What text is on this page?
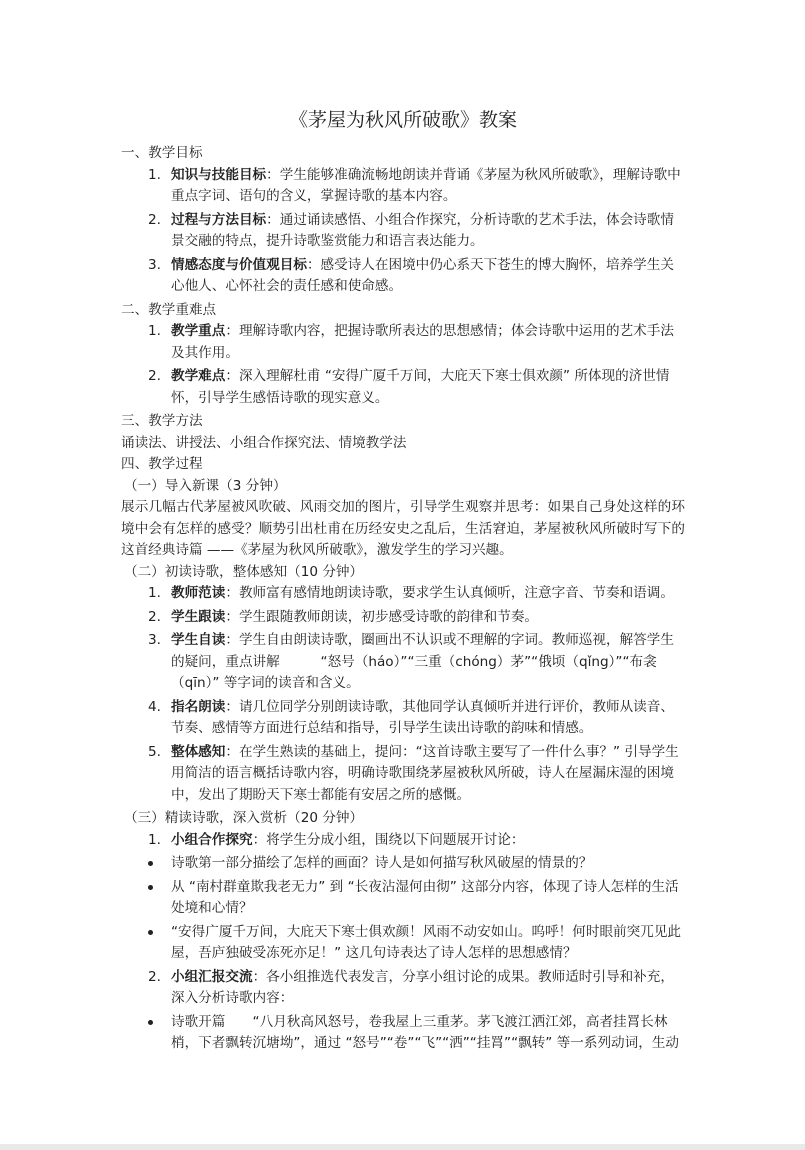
《茅屋为秋风所破歌》教案
一、教学目标
1. 知识与技能目标：学生能够准确流畅地朗读并背诵《茅屋为秋风所破歌》，理解诗歌中重点字词、语句的含义，掌握诗歌的基本内容。
2. 过程与方法目标：通过诵读感悟、小组合作探究，分析诗歌的艺术手法，体会诗歌情景交融的特点，提升诗歌鉴赏能力和语言表达能力。
3. 情感态度与价值观目标：感受诗人在困境中仍心系天下苍生的博大胸怀，培养学生关心他人、心怀社会的责任感和使命感。
二、教学重难点
1. 教学重点：理解诗歌内容，把握诗歌所表达的思想感情；体会诗歌中运用的艺术手法及其作用。
2. 教学难点：深入理解杜甫 “安得广厦千万间，大庇天下寒士俱欢颜” 所体现的济世情怀，引导学生感悟诗歌的现实意义。
三、教学方法
诵读法、讲授法、小组合作探究法、情境教学法
四、教学过程
（一）导入新课（3 分钟）
展示几幅古代茅屋被风吹破、风雨交加的图片，引导学生观察并思考：如果自己身处这样的环境中会有怎样的感受？顺势引出杜甫在历经安史之乱后，生活窘迫，茅屋被秋风所破时写下的这首经典诗篇 ——《茅屋为秋风所破歌》，激发学生的学习兴趣。
（二）初读诗歌，整体感知（10 分钟）
1. 教师范读：教师富有感情地朗读诗歌，要求学生认真倾听，注意字音、节奏和语调。
2. 学生跟读：学生跟随教师朗读，初步感受诗歌的韵律和节奏。
3. 学生自读：学生自由朗读诗歌，圈画出不认识或不理解的字词。教师巡视，解答学生的疑问，重点讲解　　　“怒号（háo）”“三重（chóng）茅”“俄顷（qǐng）”“布衾（qīn）” 等字词的读音和含义。
4. 指名朗读：请几位同学分别朗读诗歌，其他同学认真倾听并进行评价，教师从读音、节奏、感情等方面进行总结和指导，引导学生读出诗歌的韵味和情感。
5. 整体感知：在学生熟读的基础上，提问：“这首诗歌主要写了一件什么事？” 引导学生用简洁的语言概括诗歌内容，明确诗歌围绕茅屋被秋风所破，诗人在屋漏床湿的困境中，发出了期盼天下寒士都能有安居之所的感慨。
（三）精读诗歌，深入赏析（20 分钟）
1. 小组合作探究：将学生分成小组，围绕以下问题展开讨论：
诗歌第一部分描绘了怎样的画面？诗人是如何描写秋风破屋的情景的？
从 “南村群童欺我老无力” 到 “长夜沾湿何由彻” 这部分内容，体现了诗人怎样的生活处境和心情？
“安得广厦千万间，大庇天下寒士俱欢颜！风雨不动安如山。呜呼！何时眼前突兀见此屋，吾庐独破受冻死亦足！” 这几句诗表达了诗人怎样的思想感情？
2. 小组汇报交流：各小组推选代表发言，分享小组讨论的成果。教师适时引导和补充，深入分析诗歌内容：
诗歌开篇　　“八月秋高风怒号，卷我屋上三重茅。茅飞渡江洒江郊，高者挂罥长林梢，下者飘转沉塘坳”，通过 “怒号”“卷”“飞”“洒”“挂罥”“飘转” 等一系列动词，生动
